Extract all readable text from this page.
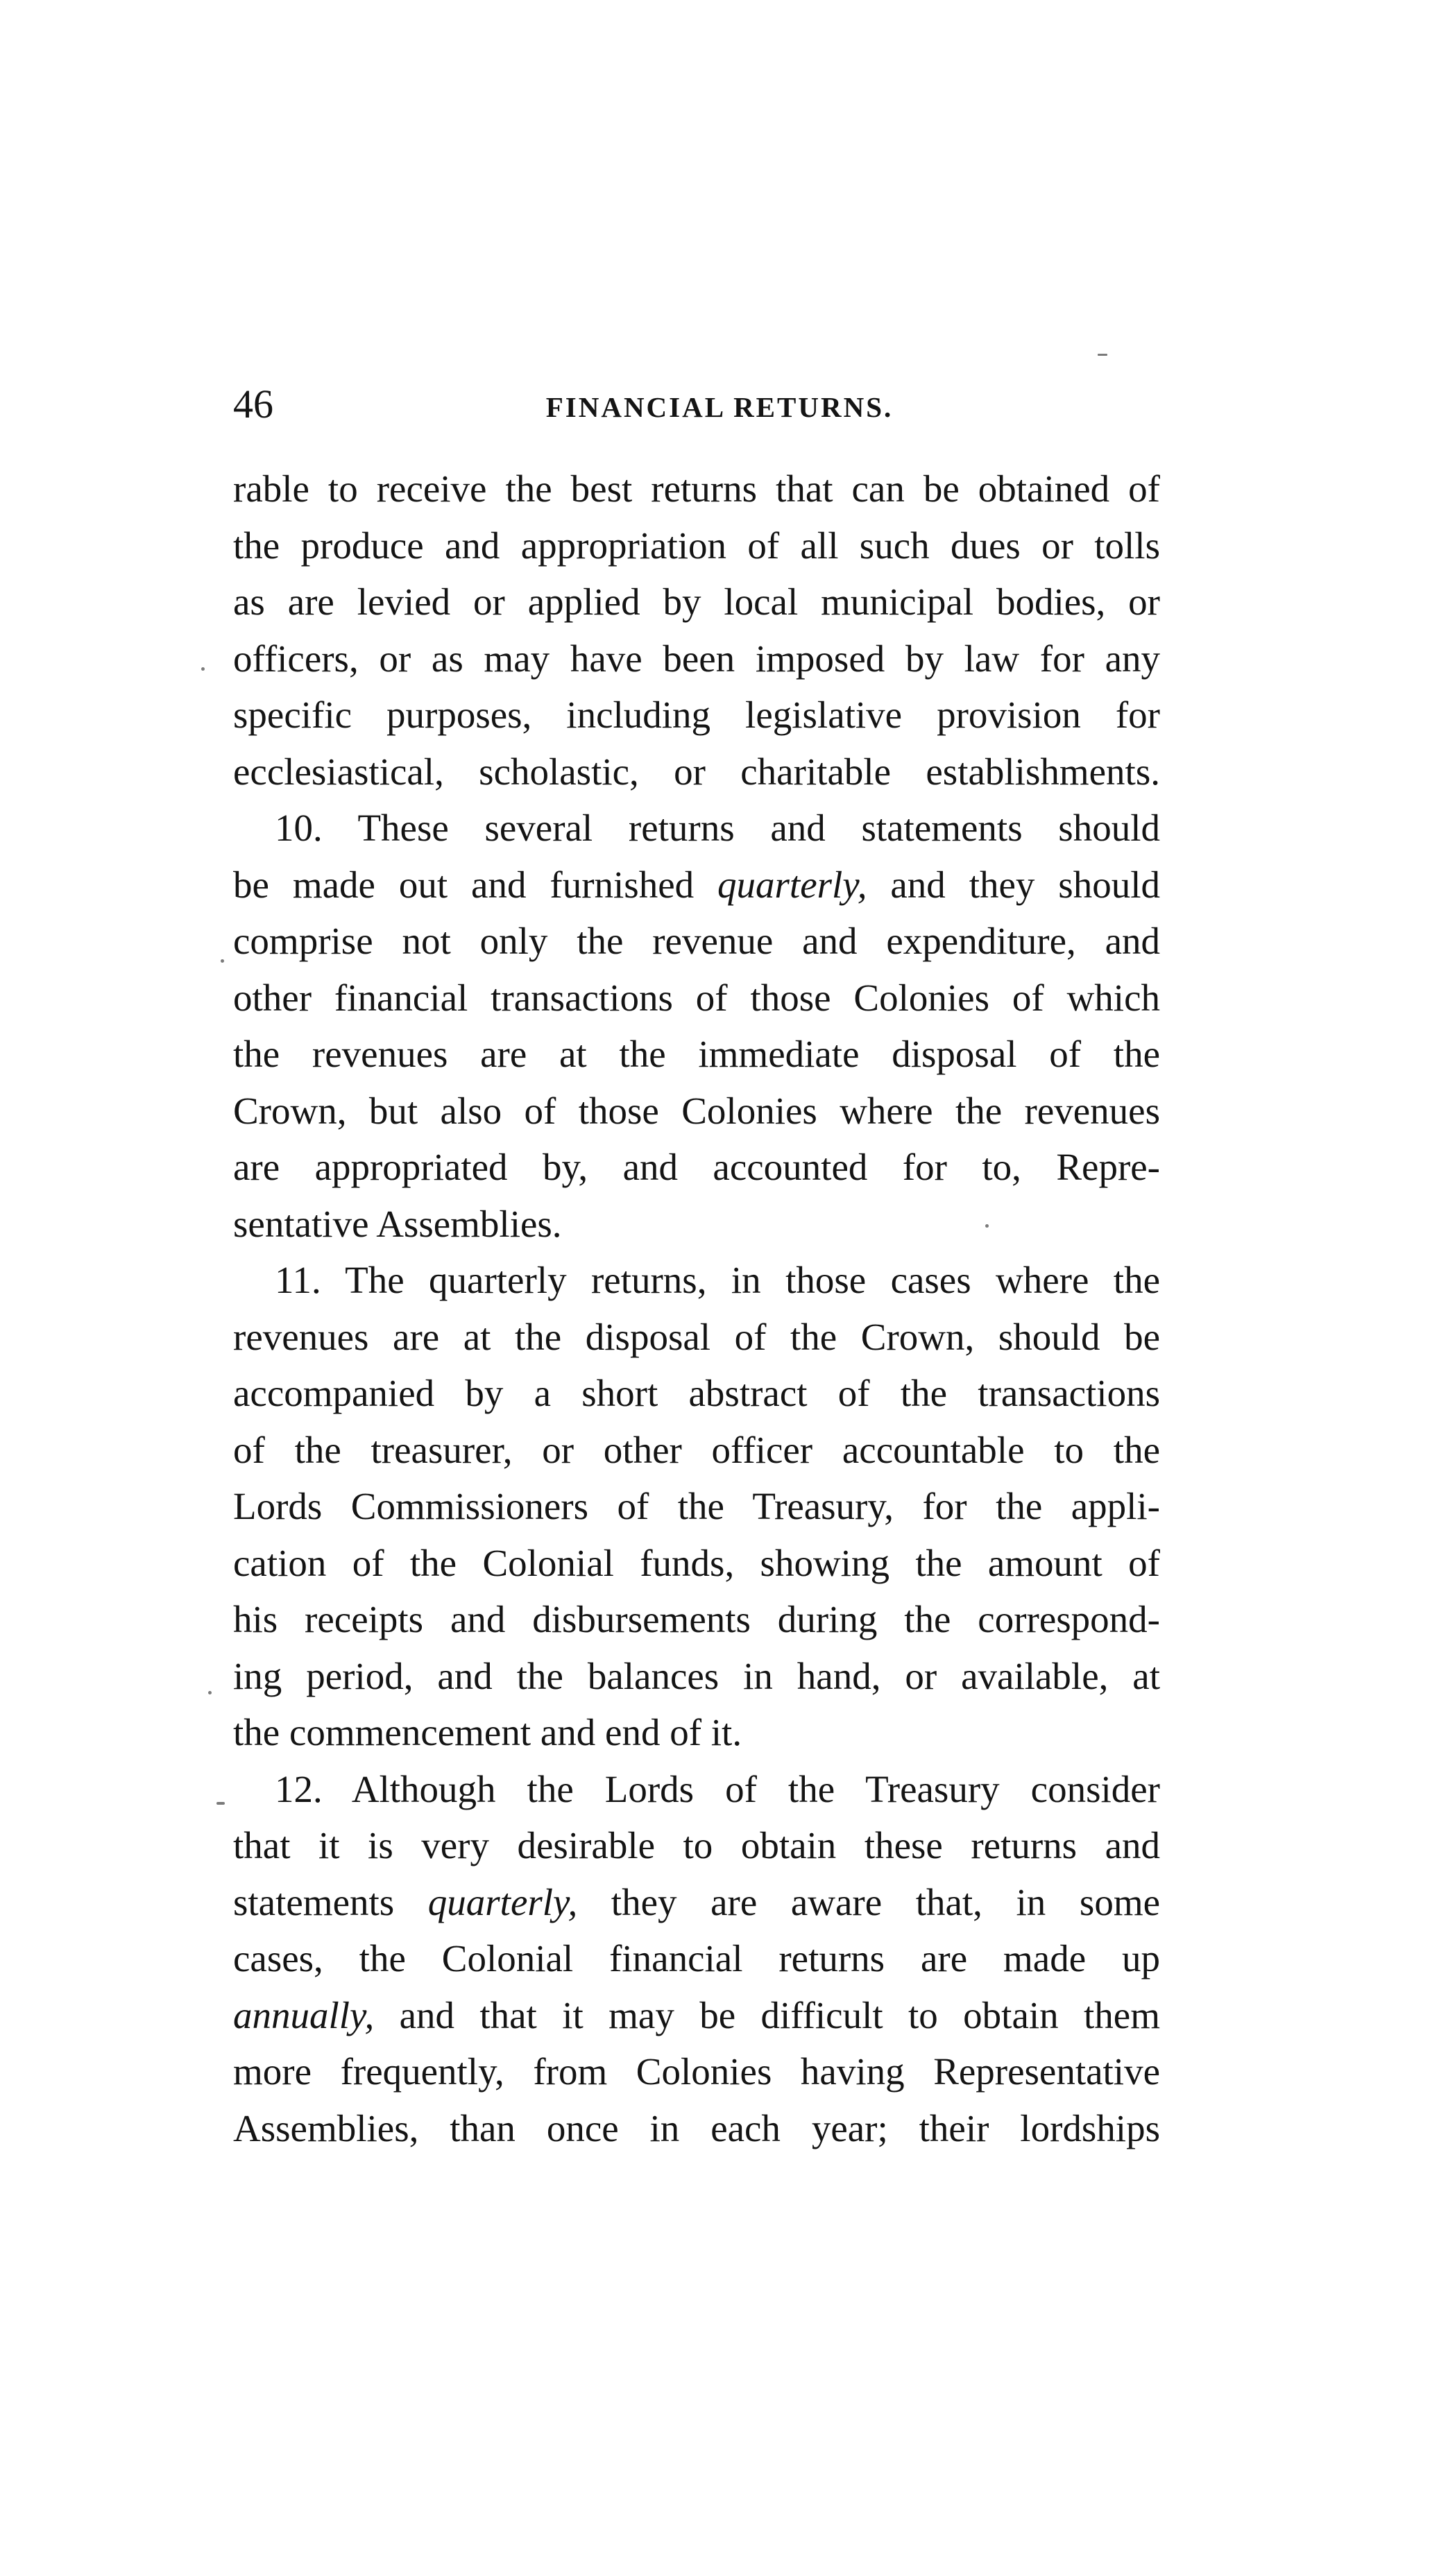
46	FINANCIAL RETURNS.
rable to receive the best returns that can be obtained of
the produce and appropriation of all such dues or tolls
as are levied or applied by local municipal bodies, or
officers, or as may have been imposed by law for any
specific purposes, including legislative provision for
ecclesiastical, scholastic, or charitable establishments.
10. These several returns and statements should
be made out and furnished quarterly, and they should
comprise not only the revenue and expenditure, and
other financial transactions of those Colonies of which
the revenues are at the immediate disposal of the
Crown, but also of those Colonies where the revenues
are appropriated by, and accounted for to, Repre-
sentative Assemblies.
11. The quarterly returns, in those cases where the
revenues are at the disposal of the Crown, should be
accompanied by a short abstract of the transactions
of the treasurer, or other officer accountable to the
Lords Commissioners of the Treasury, for the appli-
cation of the Colonial funds, showing the amount of
his receipts and disbursements during the correspond-
ing period, and the balances in hand, or available, at
the commencement and end of it.
12. Although the Lords of the Treasury consider
that it is very desirable to obtain these returns and
statements quarterly, they are aware that, in some
cases, the Colonial financial returns are made up
annually, and that it may be difficult to obtain them
more frequently, from Colonies having Representative
Assemblies, than once in each year; their lordships
